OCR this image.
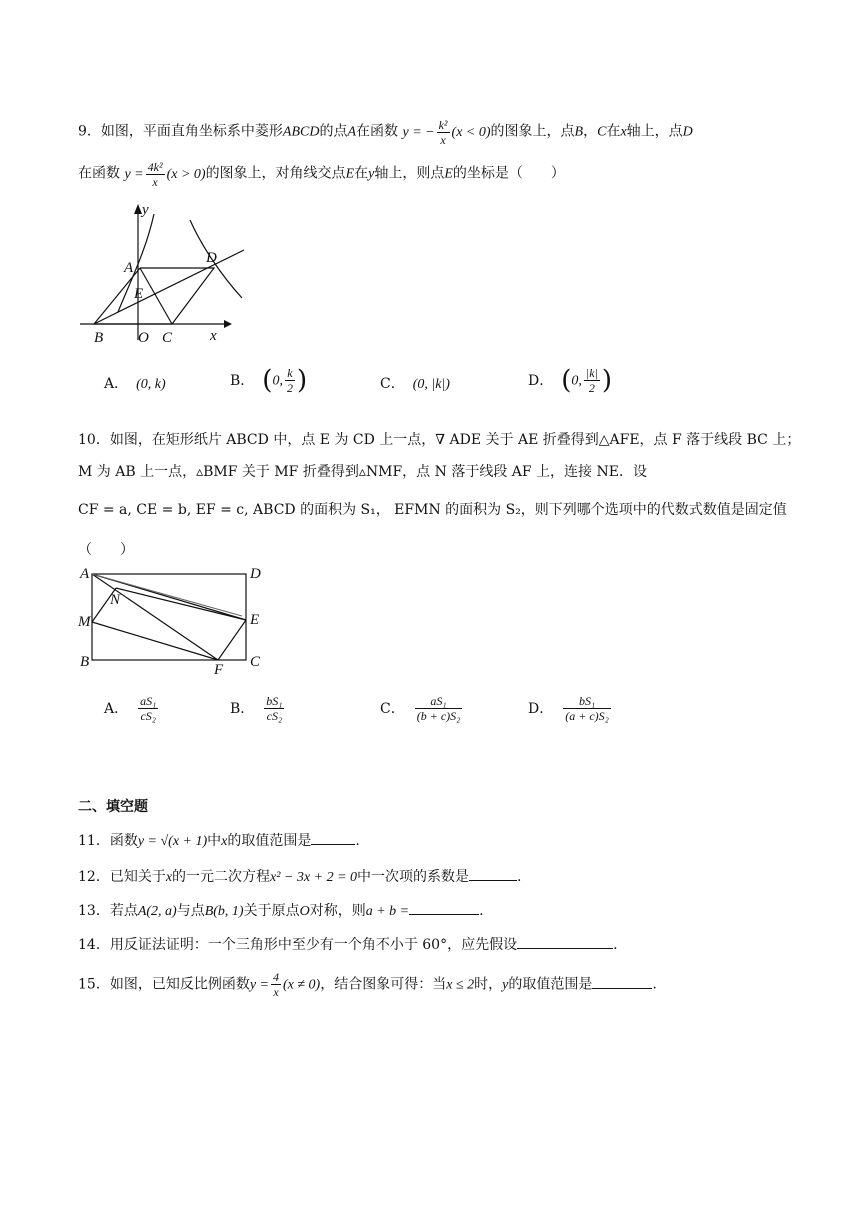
9．如图，平面直角坐标系中菱形ABCD的点A在函数 y = − $\frac{\text{k²}}{x} (x < 0)$的图象上，点B，C在x轴上，点D
在函数 $y = \frac{\text{4k²}}{x} (x > 0)$的图象上，对角线交点E在y轴上，则点E的坐标是（　　）
y
A
D
E
B O C	x
A． (0, k)	B． (0, $\frac{k}{2}$ )	C． (0, |k|)	D． (0, $\frac{|k|}{2}$ )
10．如图，在矩形纸片 ABCD 中，点 E 为 CD 上一点，∇ ADE 关于 AE 折叠得到△AFE，点 F 落于线段 BC 上；
M 为 AB 上一点，▵BMF 关于 MF 折叠得到▵NMF，点 N 落于线段 AF 上，连接 NE．设
CF = a, CE = b, EF = c, ABCD 的面积为 S₁， EFMN 的面积为 S₂，则下列哪个选项中的代数式数值是固定值
（　　）
A	D
N
M	E
B	C
F
A． $\frac{\text{aS₁}}{\text{cS₂}}$	B． $\frac{\text{bS₁}}{\text{cS₂}}$	C． $\frac{\text{aS₁}}{\text{(b + c)S₂}}$	D． $\frac{\text{bS₁}}{\text{(a + c)S₂}}$
二、填空题
11．函数y = √(x + 1)中x的取值范围是	.
12．已知关于x的一元二次方程x² − 3x + 2 = 0中一次项的系数是	.
13．若点A(2, a)与点B(b, 1)关于原点O对称，则a + b =	.
14．用反证法证明：一个三角形中至少有一个角不小于 60°，应先假设	.
15．如图，已知反比例函数$y = \frac{4}{x} (x \ne 0)$，结合图象可得：当x ≤ 2时，y的取值范围是	.
